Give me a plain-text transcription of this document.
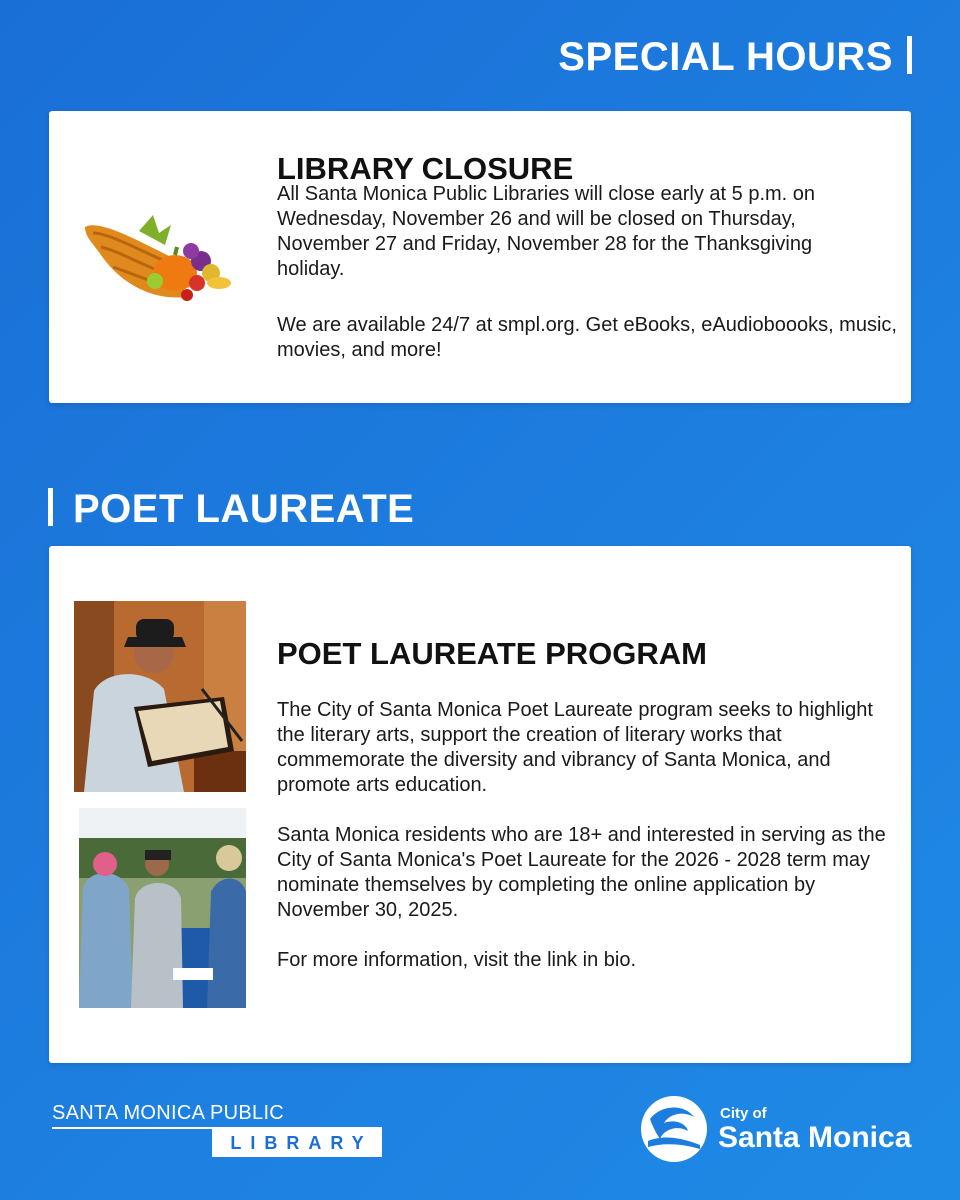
SPECIAL HOURS
LIBRARY CLOSURE
All Santa Monica Public Libraries will close early at 5 p.m. on Wednesday, November 26 and will be closed on Thursday, November 27 and Friday, November 28 for the Thanksgiving holiday.
We are available 24/7 at smpl.org. Get eBooks, eAudioboooks, music, movies, and more!
POET LAUREATE
POET LAUREATE PROGRAM
The City of Santa Monica Poet Laureate program seeks to highlight the literary arts, support the creation of literary works that commemorate the diversity and vibrancy of Santa Monica, and promote arts education.
Santa Monica residents who are 18+ and interested in serving as the City of Santa Monica's Poet Laureate for the 2026 - 2028 term may nominate themselves by completing the online application by November 30, 2025.
For more information, visit the link in bio.
SANTA MONICA PUBLIC
LIBRARY
City of
Santa Monica
